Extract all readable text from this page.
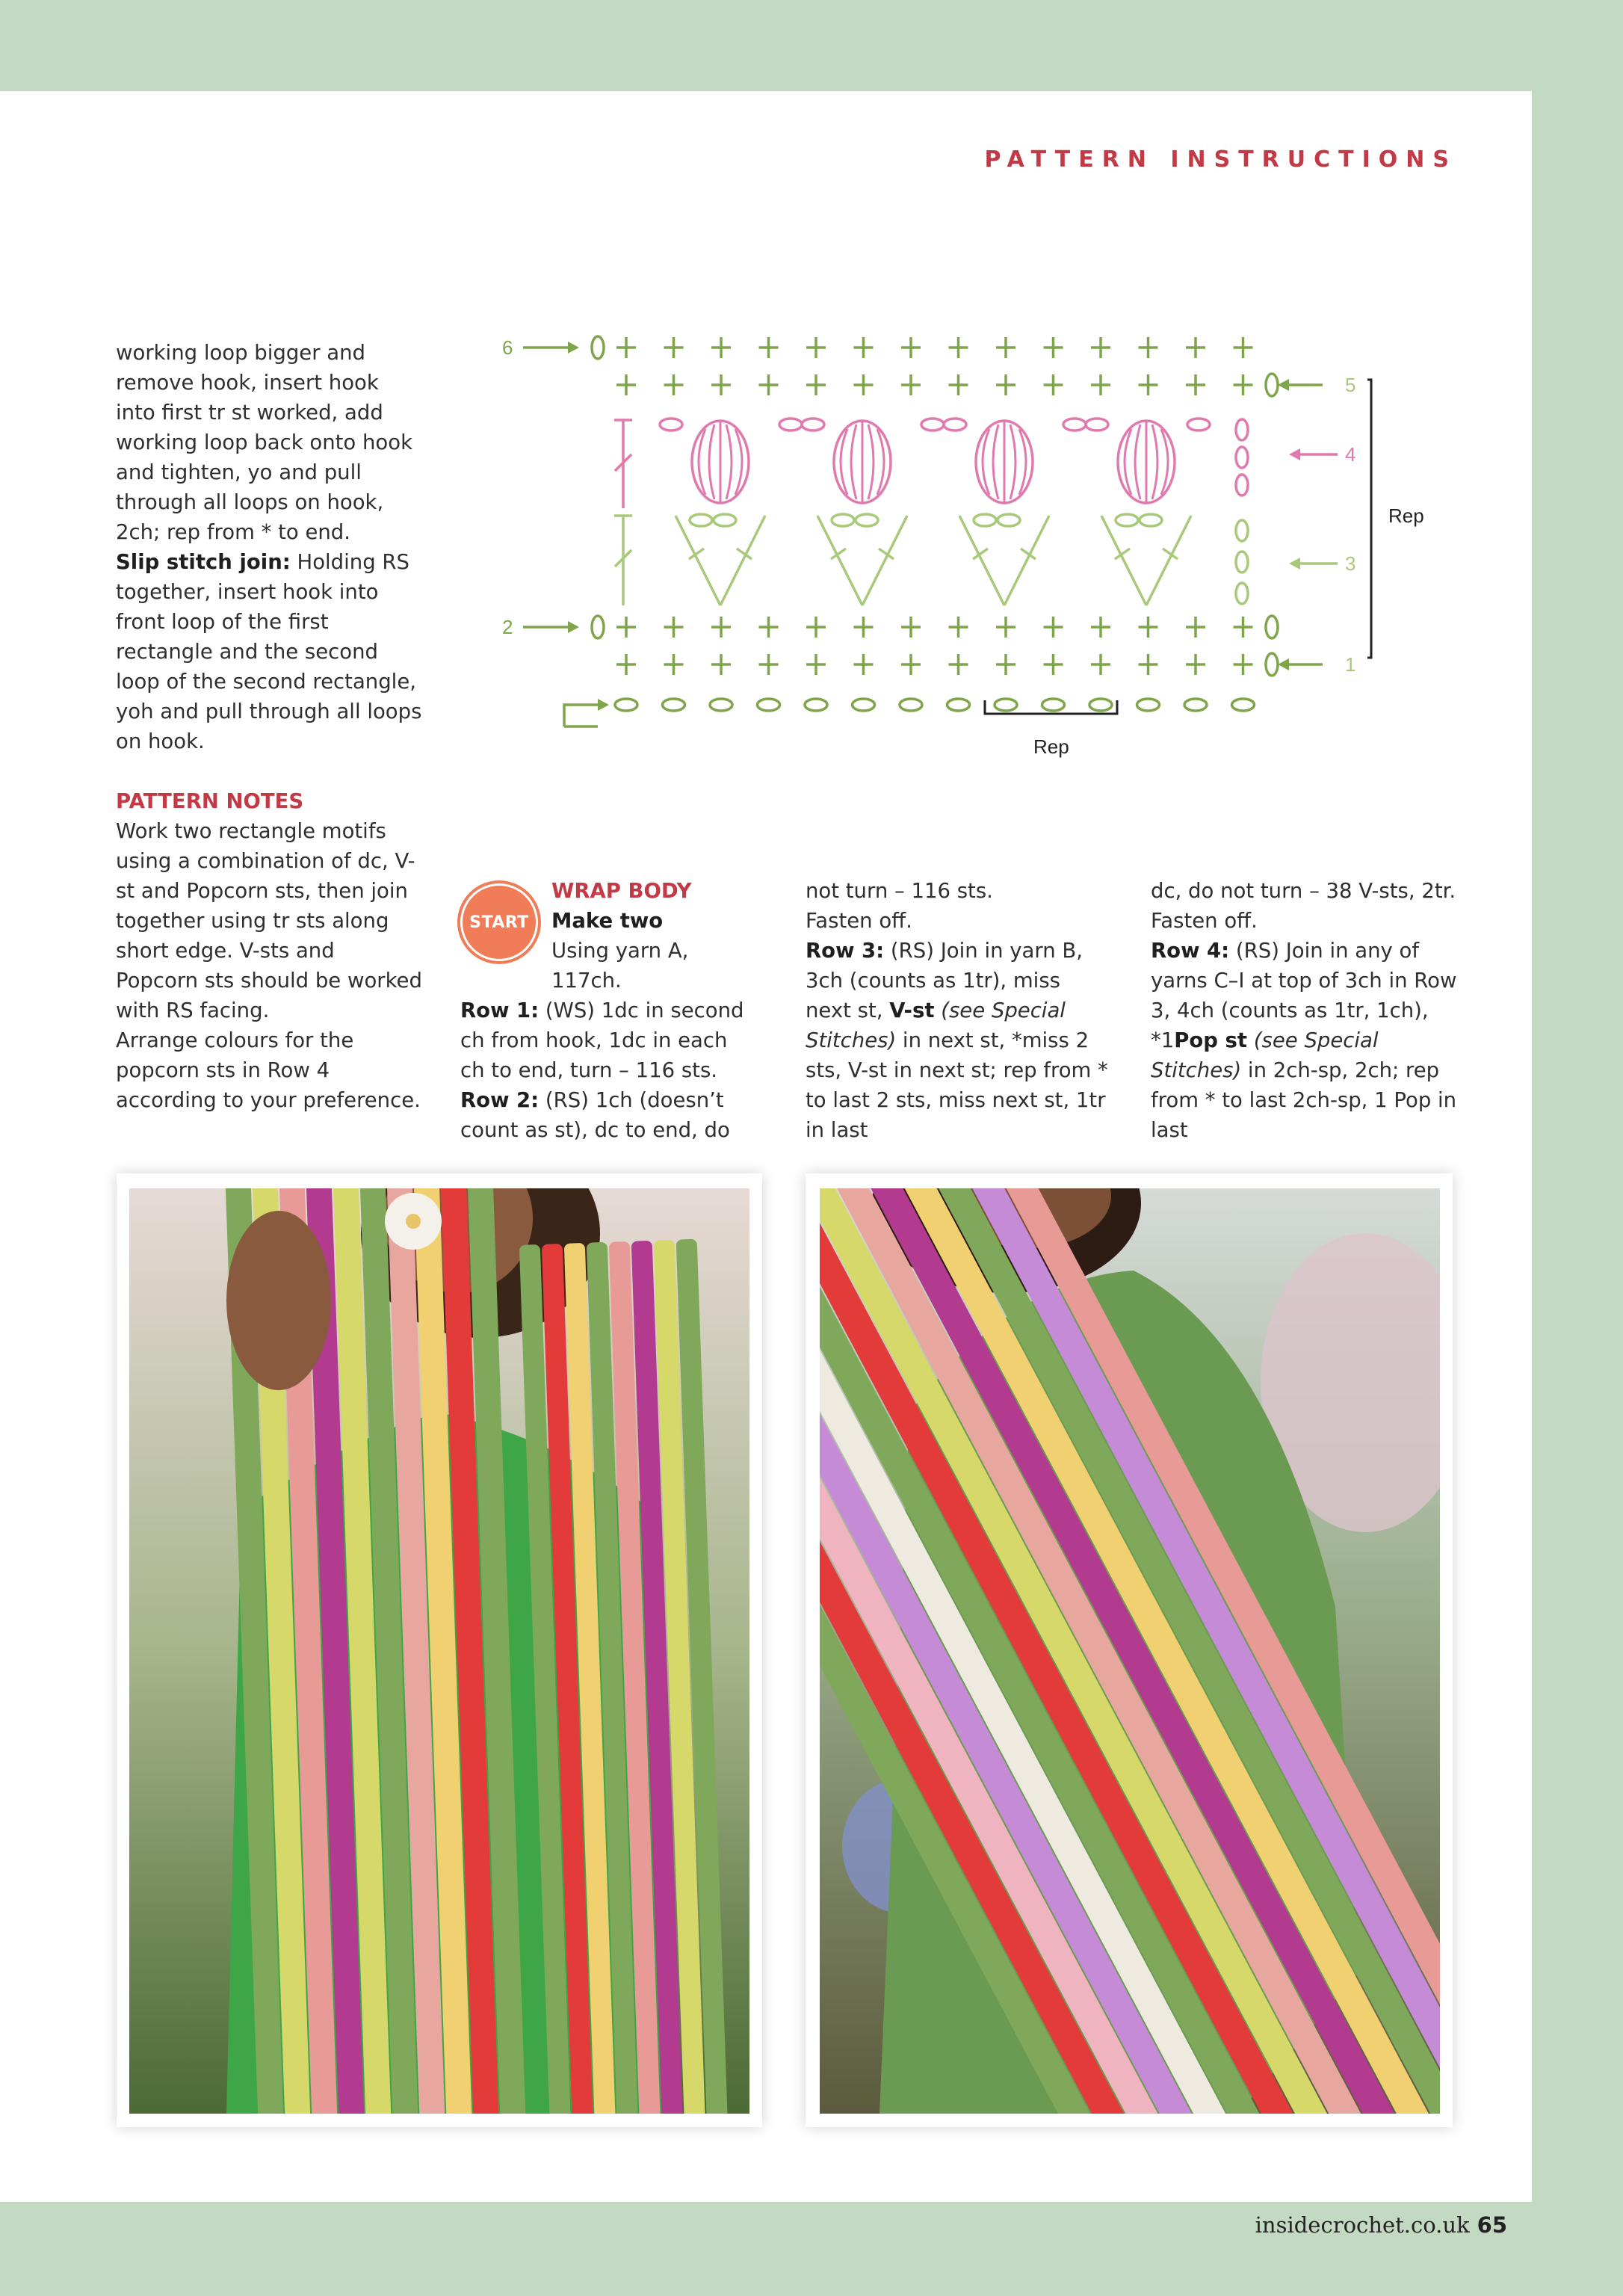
PATTERN INSTRUCTIONS

working loop bigger and remove hook, insert hook into first tr st worked, add working loop back onto hook and tighten, yo and pull through all loops on hook, 2ch; rep from * to end.

Slip stitch join: Holding RS together, insert hook into front loop of the first rectangle and the second loop of the second rectangle, yoh and pull through all loops on hook.

PATTERN NOTES

Work two rectangle motifs using a combination of dc, V-st and Popcorn sts, then join together using tr sts along short edge. V-sts and Popcorn sts should be worked with RS facing.

Arrange colours for the popcorn sts in Row 4 according to your preference.

6
5
4
3
2
1
Rep
Rep
START

WRAP BODY

Make two

Using yarn A, 117ch.

Row 1: (WS) 1dc in second ch from hook, 1dc in each ch to end, turn – 116 sts.

Row 2: (RS) 1ch (doesn’t count as st), dc to end, do

not turn – 116 sts.

Fasten off.

Row 3: (RS) Join in yarn B, 3ch (counts as 1tr), miss next st, V-st (see Special Stitches) in next st, *miss 2 sts, V-st in next st; rep from * to last 2 sts, miss next st, 1tr in last

dc, do not turn – 38 V-sts, 2tr.

Fasten off.

Row 4: (RS) Join in any of yarns C–I at top of 3ch in Row 3, 4ch (counts as 1tr, 1ch), *1Pop st (see Special Stitches) in 2ch-sp, 2ch; rep from * to last 2ch-sp, 1 Pop in last

insidecrochet.co.uk 65
